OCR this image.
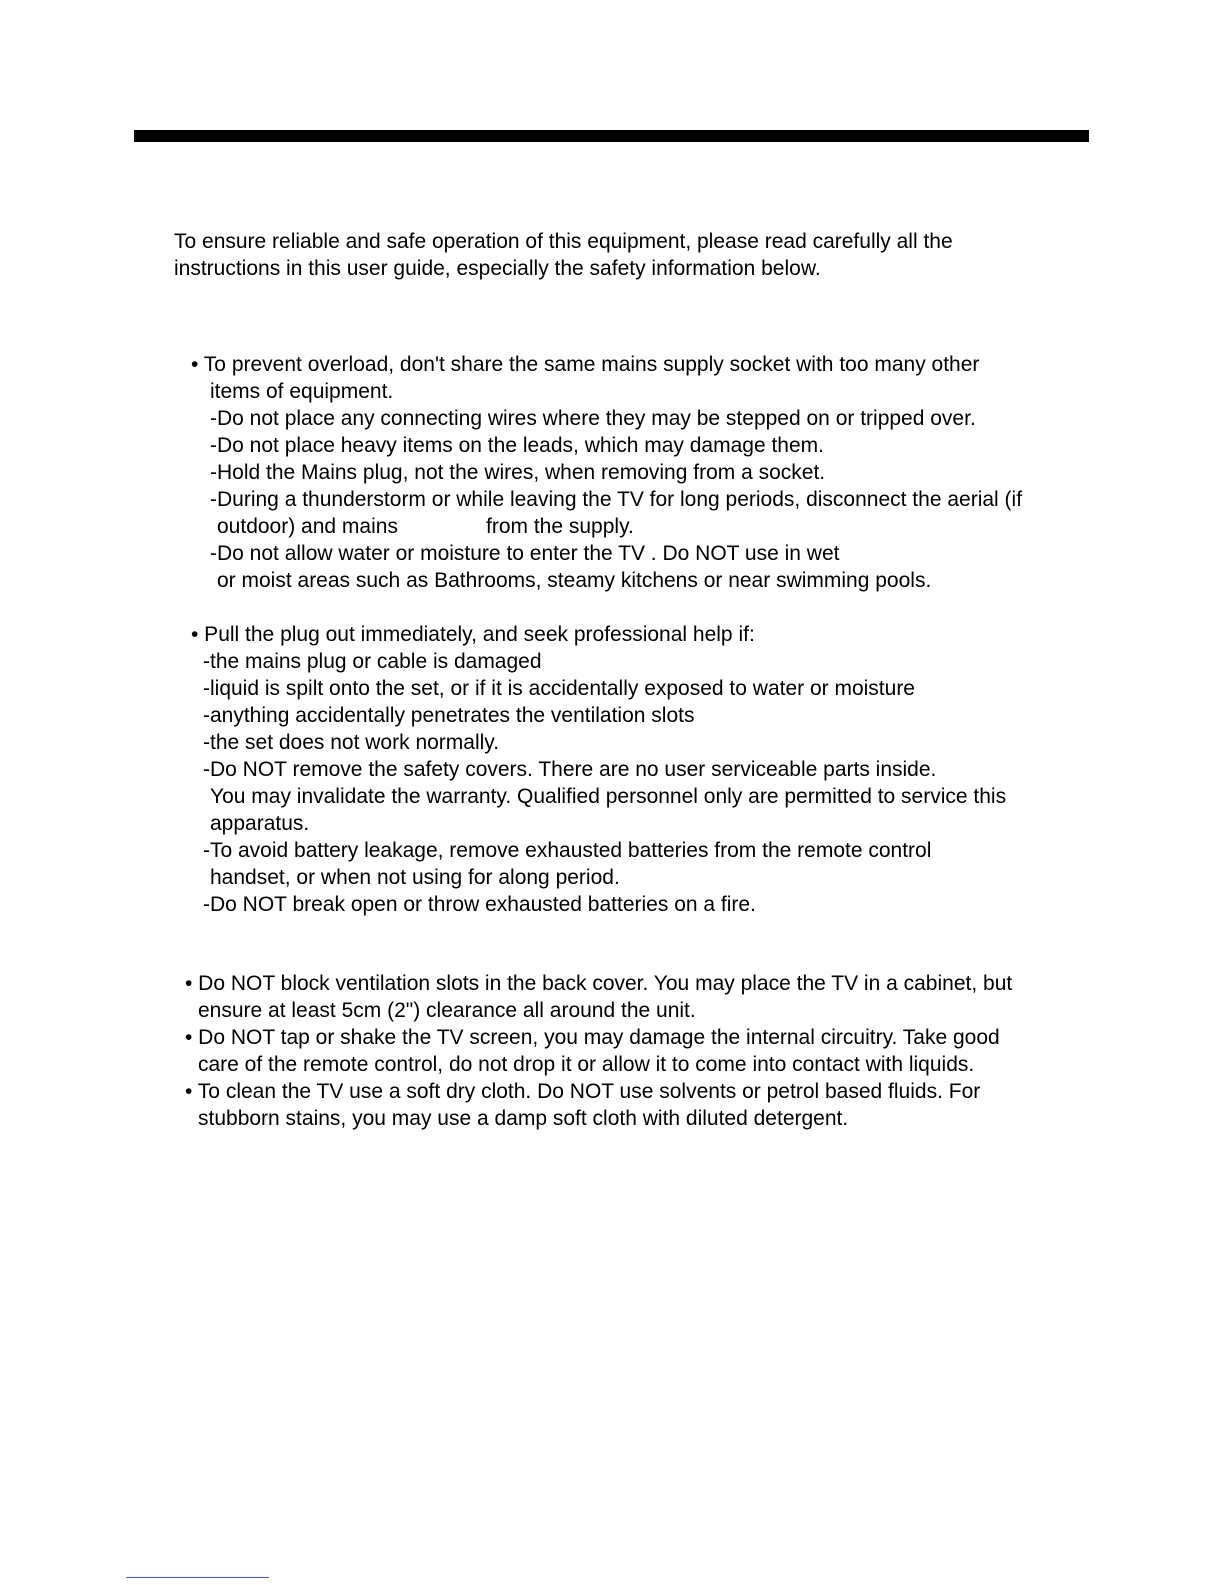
To ensure reliable and safe operation of this equipment, please read carefully all the
instructions in this user guide, especially the safety information below.
• To prevent overload, don't share the same mains supply socket with too many other
items of equipment.
-Do not place any connecting wires where they may be stepped on or tripped over.
-Do not place heavy items on the leads, which may damage them.
-Hold the Mains plug, not the wires, when removing from a socket.
-During a thunderstorm or while leaving the TV for long periods, disconnect the aerial (if
outdoor) and mains	from the supply.
-Do not allow water or moisture to enter the TV . Do NOT use in wet
or moist areas such as Bathrooms, steamy kitchens or near swimming pools.
• Pull the plug out immediately, and seek professional help if:
-the mains plug or cable is damaged
-liquid is spilt onto the set, or if it is accidentally exposed to water or moisture
-anything accidentally penetrates the ventilation slots
-the set does not work normally.
-Do NOT remove the safety covers. There are no user serviceable parts inside.
You may invalidate the warranty. Qualified personnel only are permitted to service this
apparatus.
-To avoid battery leakage, remove exhausted batteries from the remote control
handset, or when not using for along period.
-Do NOT break open or throw exhausted batteries on a fire.
• Do NOT block ventilation slots in the back cover. You may place the TV in a cabinet, but
ensure at least 5cm (2") clearance all around the unit.
• Do NOT tap or shake the TV screen, you may damage the internal circuitry. Take good
care of the remote control, do not drop it or allow it to come into contact with liquids.
• To clean the TV use a soft dry cloth. Do NOT use solvents or petrol based fluids. For
stubborn stains, you may use a damp soft cloth with diluted detergent.
